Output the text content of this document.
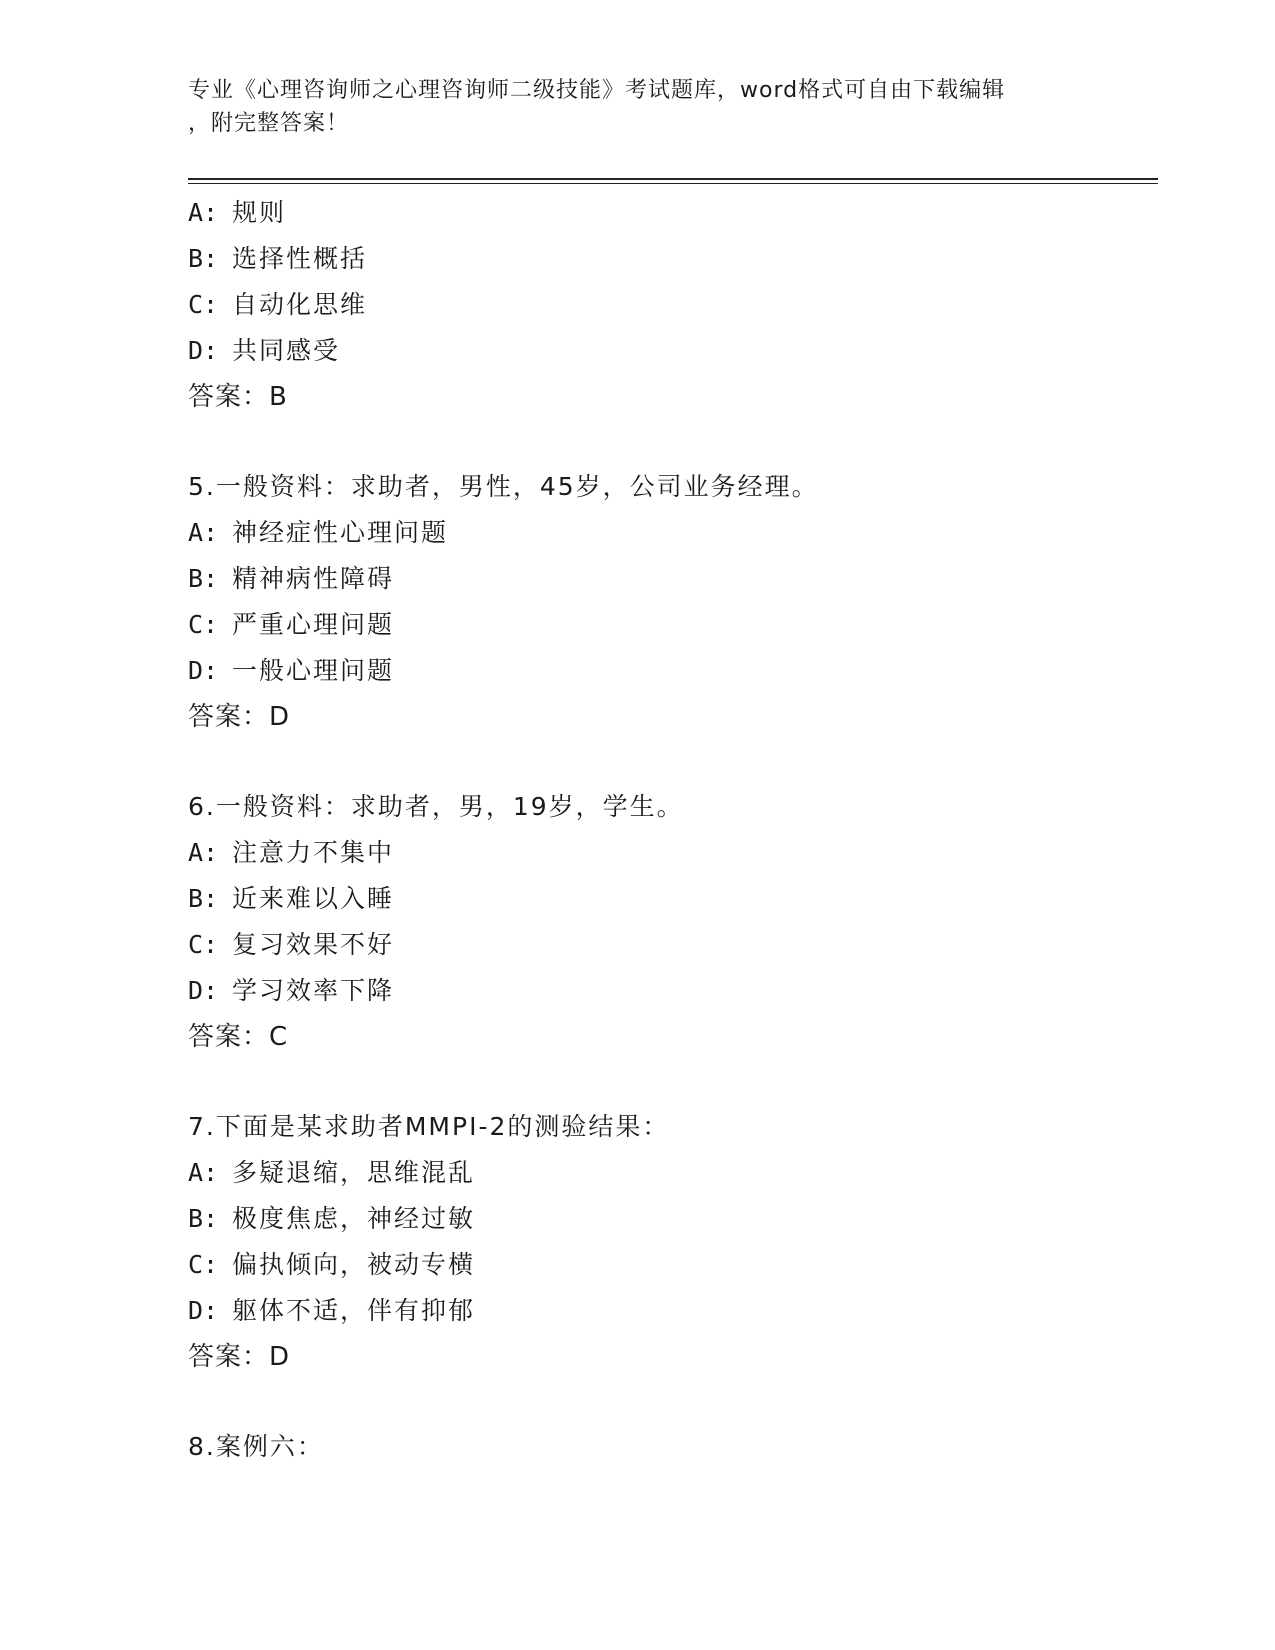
专业《心理咨询师之心理咨询师二级技能》考试题库，word格式可自由下载编辑
，附完整答案！
A: 规则
B: 选择性概括
C: 自动化思维
D: 共同感受
答案：B
5.一般资料：求助者，男性，45岁，公司业务经理。
A: 神经症性心理问题
B: 精神病性障碍
C: 严重心理问题
D: 一般心理问题
答案：D
6.一般资料：求助者，男，19岁，学生。
A: 注意力不集中
B: 近来难以入睡
C: 复习效果不好
D: 学习效率下降
答案：C
7.下面是某求助者MMPI-2的测验结果：
A: 多疑退缩，思维混乱
B: 极度焦虑，神经过敏
C: 偏执倾向，被动专横
D: 躯体不适，伴有抑郁
答案：D
8.案例六：
